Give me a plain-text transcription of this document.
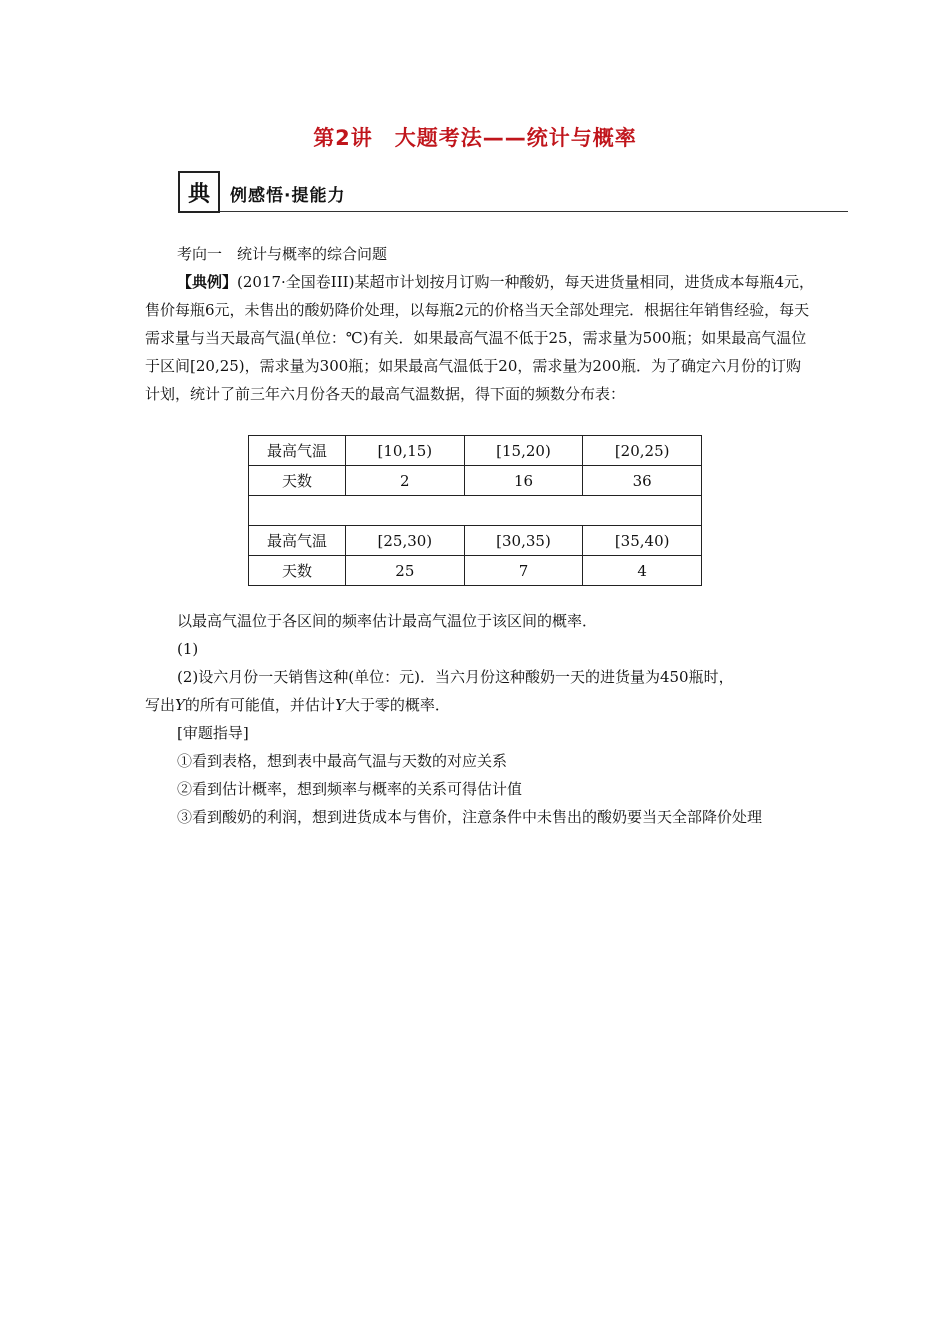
第2讲　大题考法——统计与概率
典	例感悟·提能力
考向一　统计与概率的综合问题
【典例】(2017·全国卷III)某超市计划按月订购一种酸奶，每天进货量相同，进货成本每瓶4元，售价每瓶6元，未售出的酸奶降价处理，以每瓶2元的价格当天全部处理完．根据往年销售经验，每天需求量与当天最高气温(单位：℃)有关．如果最高气温不低于25，需求量为500瓶；如果最高气温位于区间[20,25)，需求量为300瓶；如果最高气温低于20，需求量为200瓶．为了确定六月份的订购计划，统计了前三年六月份各天的最高气温数据，得下面的频数分布表：
最高气温	[10,15)	[15,20)	[20,25)
天数	2	16	36

最高气温	[25,30)	[30,35)	[35,40)
天数	25	7	4
以最高气温位于各区间的频率估计最高气温位于该区间的概率．
(1)
(2)设六月份一天销售这种(单位：元)．当六月份这种酸奶一天的进货量为450瓶时，
写出Y的所有可能值，并估计Y大于零的概率．
[审题指导]
①看到表格，想到表中最高气温与天数的对应关系
②看到估计概率，想到频率与概率的关系可得估计值
③看到酸奶的利润，想到进货成本与售价，注意条件中未售出的酸奶要当天全部降价处理
